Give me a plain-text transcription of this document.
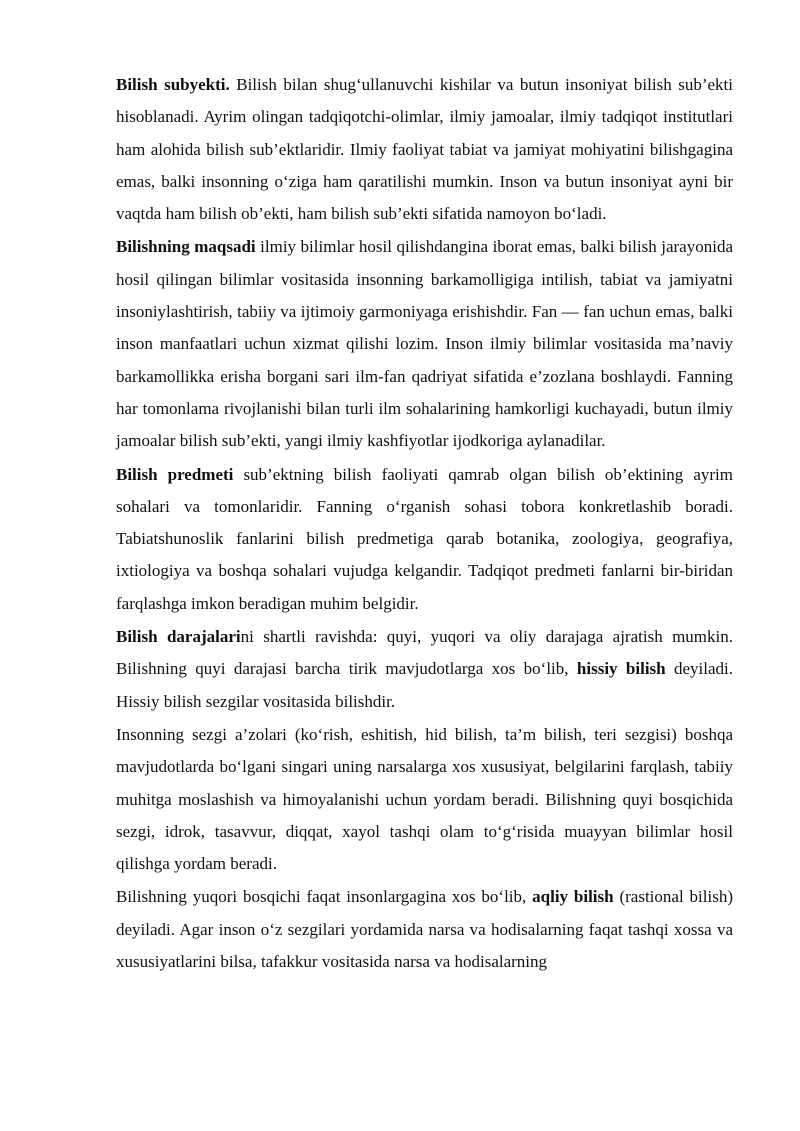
Bilish subyekti. Bilish bilan shug‘ullanuvchi kishilar va butun insoniyat bilish sub’ekti hisoblanadi. Ayrim olingan tadqiqotchi-olimlar, ilmiy jamoalar, ilmiy tadqiqot institutlari ham alohida bilish sub’ektlaridir. Ilmiy faoliyat tabiat va jamiyat mohiyatini bilishgagina emas, balki insonning o‘ziga ham qaratilishi mumkin. Inson va butun insoniyat ayni bir vaqtda ham bilish ob’ekti, ham bilish sub’ekti sifatida namoyon bo‘ladi.

Bilishning maqsadi ilmiy bilimlar hosil qilishdangina iborat emas, balki bilish jarayonida hosil qilingan bilimlar vositasida insonning barkamolligiga intilish, tabiat va jamiyatni insoniylashtirish, tabiiy va ijtimoiy garmoniyaga erishishdir. Fan — fan uchun emas, balki inson manfaatlari uchun xizmat qilishi lozim. Inson ilmiy bilimlar vositasida ma’naviy barkamollikka erisha borgani sari ilm-fan qadriyat sifatida e’zozlana boshlaydi. Fanning har tomonlama rivojlanishi bilan turli ilm sohalarining hamkorligi kuchayadi, butun ilmiy jamoalar bilish sub’ekti, yangi ilmiy kashfiyotlar ijodkoriga aylanadilar.

Bilish predmeti sub’ektning bilish faoliyati qamrab olgan bilish ob’ektining ayrim sohalari va tomonlaridir. Fanning o‘rganish sohasi tobora konkretlashib boradi. Tabiatshunoslik fanlarini bilish predmetiga qarab botanika, zoologiya, geografiya, ixtiologiya va boshqa sohalari vujudga kelgandir. Tadqiqot predmeti fanlarni bir-biridan farqlashga imkon beradigan muhim belgidir.

Bilish darajalarini shartli ravishda: quyi, yuqori va oliy darajaga ajratish mumkin. Bilishning quyi darajasi barcha tirik mavjudotlarga xos bo‘lib, hissiy bilish deyiladi. Hissiy bilish sezgilar vositasida bilishdir.

Insonning sezgi a’zolari (ko‘rish, eshitish, hid bilish, ta’m bilish, teri sezgisi) boshqa mavjudotlarda bo‘lgani singari uning narsalarga xos xususiyat, belgilarini farqlash, tabiiy muhitga moslashish va himoyalanishi uchun yordam beradi. Bilishning quyi bosqichida sezgi, idrok, tasavvur, diqqat, xayol tashqi olam to‘g‘risida muayyan bilimlar hosil qilishga yordam beradi.

Bilishning yuqori bosqichi faqat insonlargagina xos bo‘lib, aqliy bilish (rastional bilish) deyiladi. Agar inson o‘z sezgilari yordamida narsa va hodisalarning faqat tashqi xossa va xususiyatlarini bilsa, tafakkur vositasida narsa va hodisalarning
